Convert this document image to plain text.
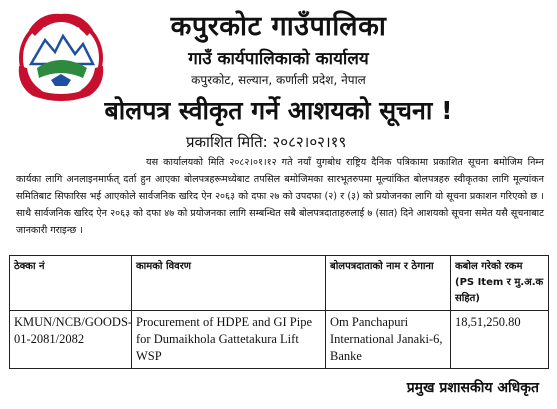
कपुरकोट गाउँपालिका
गाउँ कार्यपालिकाको कार्यालय
कपुरकोट, सल्यान, कर्णाली प्रदेश, नेपाल
बोलपत्र स्वीकृत गर्ने आशयको सूचना !
प्रकाशित मिति: २०८२।०२।१९
यस कार्यालयको मिति २०८२।०१।१२ गते नयाँ युगबोध राष्ट्रिय दैनिक पत्रिकामा प्रकाशित सूचना बमोजिम निम्न कार्यका लागि अनलाइनमार्फत् दर्ता हुन आएका बोलपत्रहरूमध्येबाट तपसिल बमोजिमका सारभूतरुपमा मूल्यांकित बोलपत्रहरु स्वीकृतका लागि मूल्यांकन समितिबाट सिफारिस भई आएकोले सार्वजनिक खरिद ऐन २०६३ को दफा २७ को उपदफा (२) र (३) को प्रयोजनका लागि यो सूचना प्रकाशन गरिएको छ । साथै सार्वजनिक खरिद ऐन २०६३ को दफा ४७ को प्रयोजनका लागि सम्बन्धित सबै बोलपत्रदाताहरुलाई ७ (सात) दिने आशयको सूचना समेत यसै सूचनाबाट जानकारी गराइन्छ ।
ठेक्का नं	कामको विवरण	बोलपत्रदाताको नाम र ठेगाना	कबोल गरेको रकम (PS Item र मु.अ.क सहित)
KMUN/NCB/GOODS-01-2081/2082	Procurement of HDPE and GI Pipe for Dumaikhola Gattetakura Lift WSP	Om Panchapuri International Janaki-6, Banke	18,51,250.80
प्रमुख प्रशासकीय अधिकृत
